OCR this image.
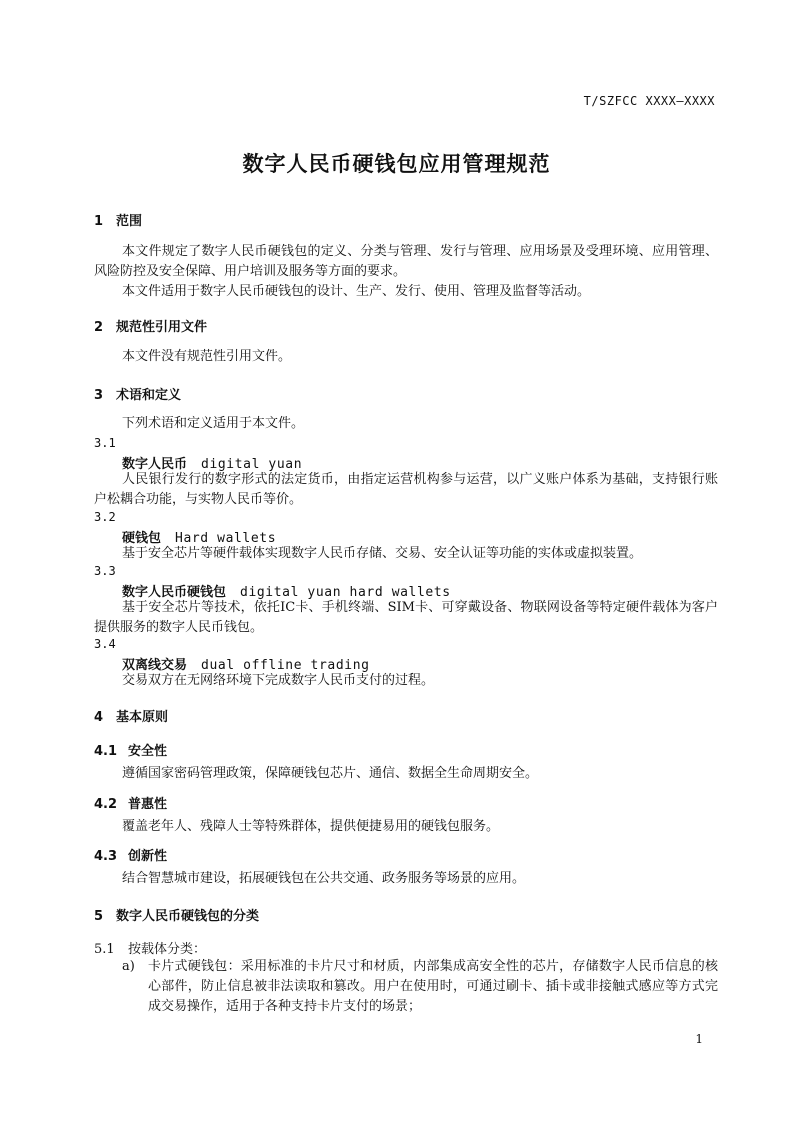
T/SZFCC XXXX—XXXX
数字人民币硬钱包应用管理规范
1 范围
本文件规定了数字人民币硬钱包的定义、分类与管理、发行与管理、应用场景及受理环境、应用管理、风险防控及安全保障、用户培训及服务等方面的要求。
本文件适用于数字人民币硬钱包的设计、生产、发行、使用、管理及监督等活动。
2 规范性引用文件
本文件没有规范性引用文件。
3 术语和定义
下列术语和定义适用于本文件。
3.1
数字人民币 digital yuan
人民银行发行的数字形式的法定货币，由指定运营机构参与运营，以广义账户体系为基础，支持银行账户松耦合功能，与实物人民币等价。
3.2
硬钱包 Hard wallets
基于安全芯片等硬件载体实现数字人民币存储、交易、安全认证等功能的实体或虚拟装置。
3.3
数字人民币硬钱包 digital yuan hard wallets
基于安全芯片等技术，依托IC卡、手机终端、SIM卡、可穿戴设备、物联网设备等特定硬件载体为客户提供服务的数字人民币钱包。
3.4
双离线交易 dual offline trading
交易双方在无网络环境下完成数字人民币支付的过程。
4 基本原则
4.1 安全性
遵循国家密码管理政策，保障硬钱包芯片、通信、数据全生命周期安全。
4.2 普惠性
覆盖老年人、残障人士等特殊群体，提供便捷易用的硬钱包服务。
4.3 创新性
结合智慧城市建设，拓展硬钱包在公共交通、政务服务等场景的应用。
5 数字人民币硬钱包的分类
5.1 按载体分类：
a) 卡片式硬钱包：采用标准的卡片尺寸和材质，内部集成高安全性的芯片，存储数字人民币信息的核心部件，防止信息被非法读取和篡改。用户在使用时，可通过刷卡、插卡或非接触式感应等方式完成交易操作，适用于各种支持卡片支付的场景；
1
